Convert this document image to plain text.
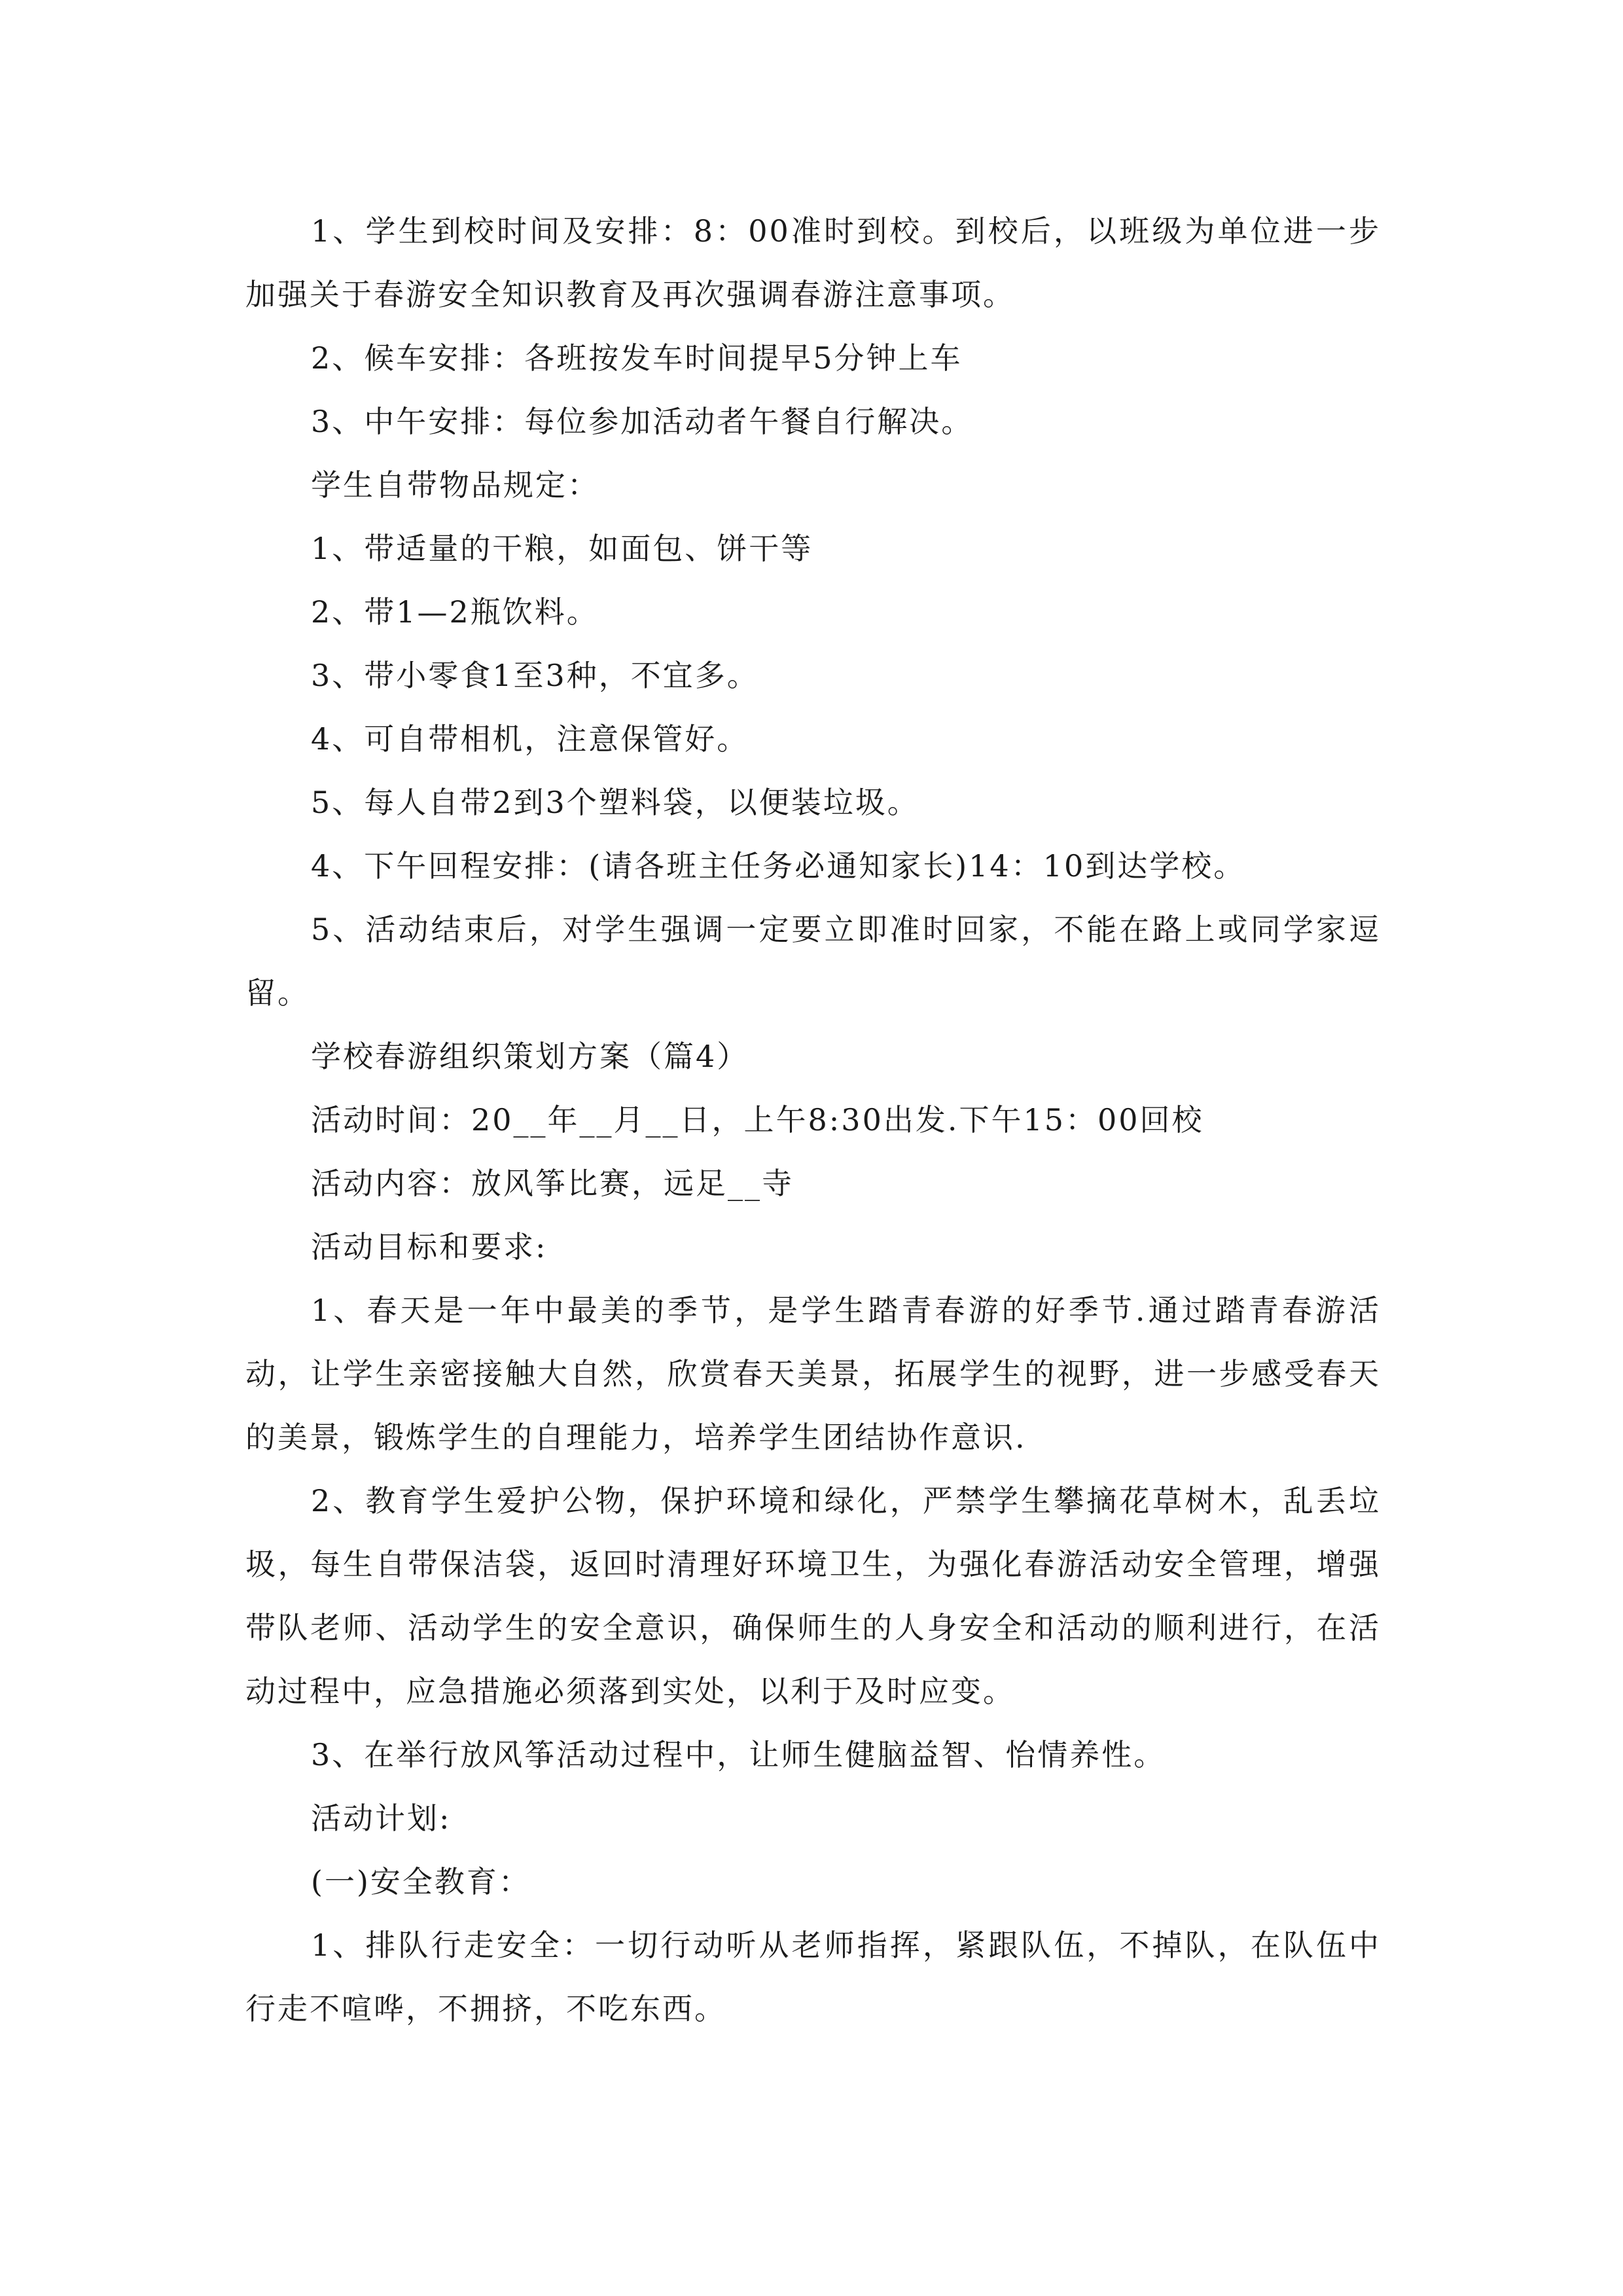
1、学生到校时间及安排：8：00准时到校。到校后，以班级为单位进一步加强关于春游安全知识教育及再次强调春游注意事项。

2、候车安排：各班按发车时间提早5分钟上车

3、中午安排：每位参加活动者午餐自行解决。

学生自带物品规定：

1、带适量的干粮，如面包、饼干等

2、带1—2瓶饮料。

3、带小零食1至3种，不宜多。

4、可自带相机，注意保管好。

5、每人自带2到3个塑料袋，以便装垃圾。

4、下午回程安排：(请各班主任务必通知家长)14：10到达学校。

5、活动结束后，对学生强调一定要立即准时回家，不能在路上或同学家逗留。

学校春游组织策划方案（篇4）

活动时间：20__年__月__日，上午8:30出发.下午15：00回校

活动内容：放风筝比赛，远足__寺

活动目标和要求:

1、春天是一年中最美的季节，是学生踏青春游的好季节.通过踏青春游活动，让学生亲密接触大自然，欣赏春天美景，拓展学生的视野，进一步感受春天的美景，锻炼学生的自理能力，培养学生团结协作意识.

2、教育学生爱护公物，保护环境和绿化，严禁学生攀摘花草树木，乱丢垃圾，每生自带保洁袋，返回时清理好环境卫生，为强化春游活动安全管理，增强带队老师、活动学生的安全意识，确保师生的人身安全和活动的顺利进行，在活动过程中，应急措施必须落到实处，以利于及时应变。

3、在举行放风筝活动过程中，让师生健脑益智、怡情养性。

活动计划:

(一)安全教育：

1、排队行走安全：一切行动听从老师指挥，紧跟队伍，不掉队，在队伍中行走不喧哗，不拥挤，不吃东西。
